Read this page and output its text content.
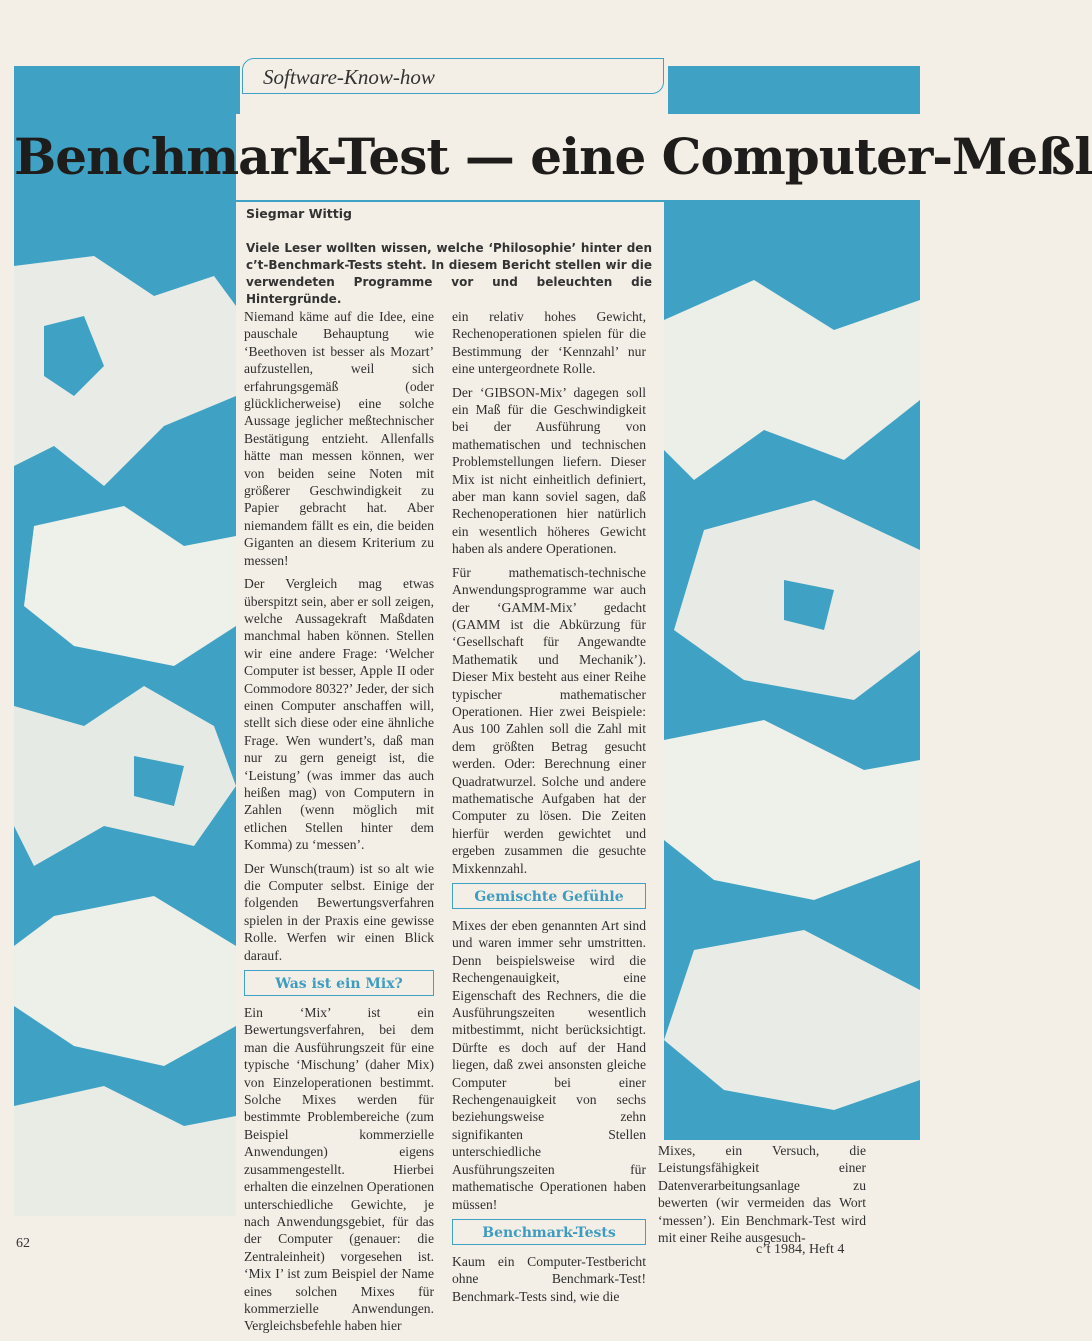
Software-Know-how
Benchmark-Test — eine Computer-Meßl
Siegmar Wittig

Viele Leser wollten wissen, welche ‘Philosophie’ hinter den c’t-Benchmark-Tests steht. In diesem Bericht stellen wir die verwendeten Programme vor und beleuchten die Hintergründe.

Niemand käme auf die Idee, eine pauschale Behauptung wie ‘Beethoven ist besser als Mozart’ aufzustellen, weil sich erfahrungsgemäß (oder glücklicherweise) eine solche Aussage jeglicher meßtechnischer Bestätigung entzieht. Allenfalls hätte man messen können, wer von beiden seine Noten mit größerer Geschwindigkeit zu Papier gebracht hat. Aber niemandem fällt es ein, die beiden Giganten an diesem Kriterium zu messen!

Der Vergleich mag etwas überspitzt sein, aber er soll zeigen, welche Aussagekraft Maßdaten manchmal haben können. Stellen wir eine andere Frage: ‘Welcher Computer ist besser, Apple II oder Commodore 8032?’ Jeder, der sich einen Computer anschaffen will, stellt sich diese oder eine ähnliche Frage. Wen wundert’s, daß man nur zu gern geneigt ist, die ‘Leistung’ (was immer das auch heißen mag) von Computern in Zahlen (wenn möglich mit etlichen Stellen hinter dem Komma) zu ‘messen’.

Der Wunsch(traum) ist so alt wie die Computer selbst. Einige der folgenden Bewertungsverfahren spielen in der Praxis eine gewisse Rolle. Werfen wir einen Blick darauf.

Was ist ein Mix?

Ein ‘Mix’ ist ein Bewertungsverfahren, bei dem man die Ausführungszeit für eine typische ‘Mischung’ (daher Mix) von Einzeloperationen bestimmt. Solche Mixes werden für bestimmte Problembereiche (zum Beispiel kommerzielle Anwendungen) eigens zusammengestellt. Hierbei erhalten die einzelnen Operationen unterschiedliche Gewichte, je nach Anwendungsgebiet, für das der Computer (genauer: die Zentraleinheit) vorgesehen ist. ‘Mix I’ ist zum Beispiel der Name eines solchen Mixes für kommerzielle Anwendungen. Vergleichsbefehle haben hier

ein relativ hohes Gewicht, Rechenoperationen spielen für die Bestimmung der ‘Kennzahl’ nur eine untergeordnete Rolle.

Der ‘GIBSON-Mix’ dagegen soll ein Maß für die Geschwindigkeit bei der Ausführung von mathematischen und technischen Problemstellungen liefern. Dieser Mix ist nicht einheitlich definiert, aber man kann soviel sagen, daß Rechenoperationen hier natürlich ein wesentlich höheres Gewicht haben als andere Operationen.

Für mathematisch-technische Anwendungsprogramme war auch der ‘GAMM-Mix’ gedacht (GAMM ist die Abkürzung für ‘Gesellschaft für Angewandte Mathematik und Mechanik’). Dieser Mix besteht aus einer Reihe typischer mathematischer Operationen. Hier zwei Beispiele: Aus 100 Zahlen soll die Zahl mit dem größten Betrag gesucht werden. Oder: Berechnung einer Quadratwurzel. Solche und andere mathematische Aufgaben hat der Computer zu lösen. Die Zeiten hierfür werden gewichtet und ergeben zusammen die gesuchte Mixkennzahl.

Gemischte Gefühle

Mixes der eben genannten Art sind und waren immer sehr umstritten. Denn beispielsweise wird die Rechengenauigkeit, eine Eigenschaft des Rechners, die die Ausführungszeiten wesentlich mitbestimmt, nicht berücksichtigt. Dürfte es doch auf der Hand liegen, daß zwei ansonsten gleiche Computer bei einer Rechengenauigkeit von sechs beziehungsweise zehn signifikanten Stellen unterschiedliche Ausführungszeiten für mathematische Operationen haben müssen!

Benchmark-Tests

Kaum ein Computer-Testbericht ohne Benchmark-Test! Benchmark-Tests sind, wie die

Mixes, ein Versuch, die Leistungsfähigkeit einer Datenverarbeitungsanlage zu bewerten (wir vermeiden das Wort ‘messen’). Ein Benchmark-Test wird mit einer Reihe ausgesuch-

62	c’t 1984, Heft 4
